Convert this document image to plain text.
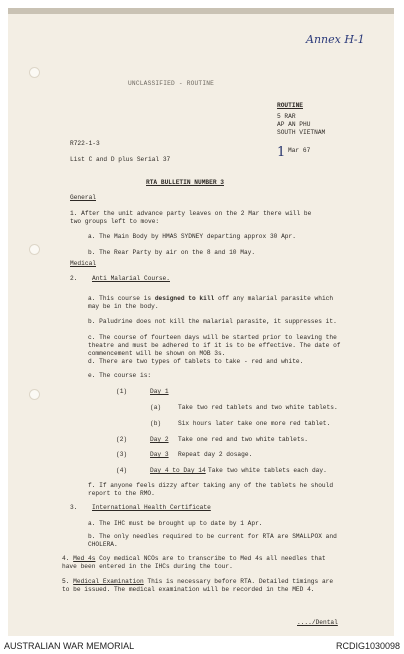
Annex H-1
UNCLASSIFIED - ROUTINE
ROUTINE
5 RAR
AP AN PHU
SOUTH VIETNAM
1 Mar 67
R722-1-3
List C and D plus Serial 37
RTA BULLETIN NUMBER 3
General
1. After the unit advance party leaves on the 2 Mar there will be
two groups left to move:
a. The Main Body by HMAS SYDNEY departing approx 30 Apr.
b. The Rear Party by air on the 8 and 10 May.
Medical
2. Anti Malarial Course.
a. This course is designed to kill off any malarial parasite which
may be in the body.
b. Paludrine does not kill the malarial parasite, it suppresses it.
c. The course of fourteen days will be started prior to leaving the
theatre and must be adhered to if it is to be effective. The date of
commencement will be shown on MOB 3s.
d. There are two types of tablets to take - red and white.
e. The course is:
(1)	Day 1
(a)	Take two red tablets and two white tablets.
(b)	Six hours later take one more red tablet.
(2)	Day 2 Take one red and two white tablets.
(3)	Day 3 Repeat day 2 dosage.
(4)	Day 4 to Day 14 Take two white tablets each day.
f. If anyone feels dizzy after taking any of the tablets he should
report to the RMO.
3. International Health Certificate
a. The IHC must be brought up to date by 1 Apr.
b. The only needles required to be current for RTA are SMALLPOX and
CHOLERA.
4. Med 4s Coy medical NCOs are to transcribe to Med 4s all needles that
have been entered in the IHCs during the tour.
5. Medical Examination This is necessary before RTA. Detailed timings are
to be issued. The medical examination will be recorded in the MED 4.
..../Dental
AUSTRALIAN WAR MEMORIAL	RCDIG1030098
